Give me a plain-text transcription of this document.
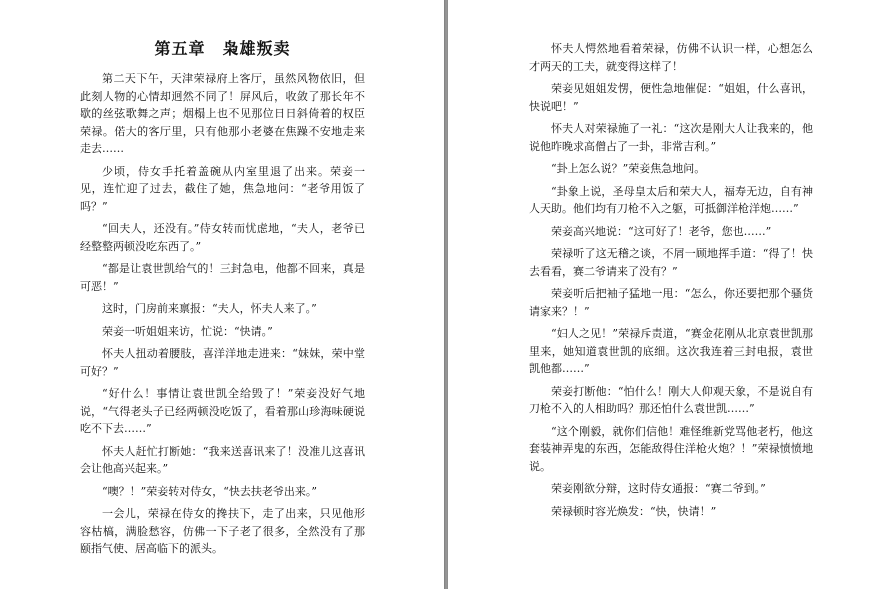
第五章　枭雄叛卖

第二天下午，天津荣禄府上客厅，虽然风物依旧，但此刻人物的心情却迥然不同了！屏风后，收敛了那长年不歇的丝弦歌舞之声；烟榻上也不见那位日日斜倚着的权臣荣禄。偌大的客厅里，只有他那小老婆在焦躁不安地走来走去……

少顷，侍女手托着盖碗从内室里退了出来。荣妾一见，连忙迎了过去，截住了她，焦急地问：“老爷用饭了吗？”

“回夫人，还没有。”侍女转而忧虑地，“夫人，老爷已经整整两顿没吃东西了。”

“都是让袁世凯给气的！三封急电，他都不回来，真是可恶！”

这时，门房前来禀报：“夫人，怀夫人来了。”

荣妾一听姐姐来访，忙说：“快请。”

怀夫人扭动着腰肢，喜洋洋地走进来：“妹妹，荣中堂可好？”

“好什么！事情让袁世凯全给毁了！”荣妾没好气地说，“气得老头子已经两顿没吃饭了，看着那山珍海味硬说吃不下去……”

怀夫人赶忙打断她：“我来送喜讯来了！没准儿这喜讯会让他高兴起来。”

“噢？！”荣妾转对侍女，“快去扶老爷出来。”

一会儿，荣禄在侍女的搀扶下，走了出来，只见他形容枯槁，满脸愁容，仿佛一下子老了很多，全然没有了那颐指气使、居高临下的派头。

怀夫人愕然地看着荣禄，仿佛不认识一样，心想怎么才两天的工夫，就变得这样了！

荣妾见姐姐发愣，便性急地催促：“姐姐，什么喜讯，快说吧！”

怀夫人对荣禄施了一礼：“这次是刚大人让我来的，他说他昨晚求高僧占了一卦，非常吉利。”

“卦上怎么说？”荣妾焦急地问。

“卦象上说，圣母皇太后和荣大人，福寿无边，自有神人天助。他们均有刀枪不入之躯，可抵御洋枪洋炮……”

荣妾高兴地说：“这可好了！老爷，您也……”

荣禄听了这无稽之谈，不屑一顾地挥手道：“得了！快去看看，赛二爷请来了没有？”

荣妾听后把袖子猛地一甩：“怎么，你还要把那个骚货请家来？！”

“妇人之见！”荣禄斥责道，“赛金花刚从北京袁世凯那里来，她知道袁世凯的底细。这次我连着三封电报，袁世凯他都……”

荣妾打断他：“怕什么！刚大人仰观天象，不是说自有刀枪不入的人相助吗？那还怕什么袁世凯……”

“这个刚毅，就你们信他！难怪维新党骂他老朽，他这套装神弄鬼的东西，怎能敌得住洋枪火炮？！”荣禄愤愤地说。

荣妾刚欲分辩，这时侍女通报：“赛二爷到。”

荣禄顿时容光焕发：“快，快请！”
